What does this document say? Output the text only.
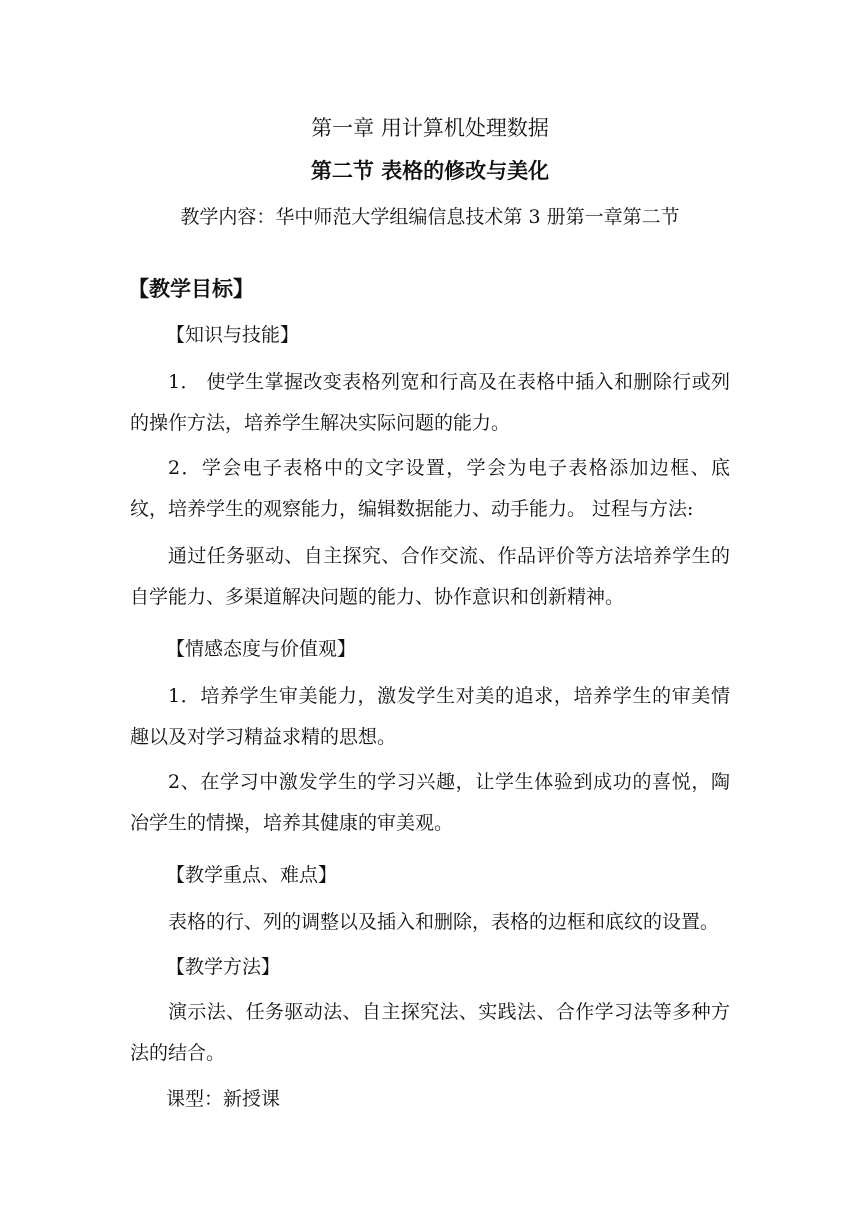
第一章 用计算机处理数据
第二节 表格的修改与美化
教学内容：华中师范大学组编信息技术第 3 册第一章第二节
【教学目标】
【知识与技能】
1． 使学生掌握改变表格列宽和行高及在表格中插入和删除行或列的操作方法，培养学生解决实际问题的能力。
2．学会电子表格中的文字设置，学会为电子表格添加边框、底纹，培养学生的观察能力，编辑数据能力、动手能力。 过程与方法:
通过任务驱动、自主探究、合作交流、作品评价等方法培养学生的自学能力、多渠道解决问题的能力、协作意识和创新精神。
【情感态度与价值观】
1．培养学生审美能力，激发学生对美的追求，培养学生的审美情趣以及对学习精益求精的思想。
2、在学习中激发学生的学习兴趣，让学生体验到成功的喜悦，陶冶学生的情操，培养其健康的审美观。
【教学重点、难点】
表格的行、列的调整以及插入和删除，表格的边框和底纹的设置。
【教学方法】
演示法、任务驱动法、自主探究法、实践法、合作学习法等多种方法的结合。
课型：新授课
